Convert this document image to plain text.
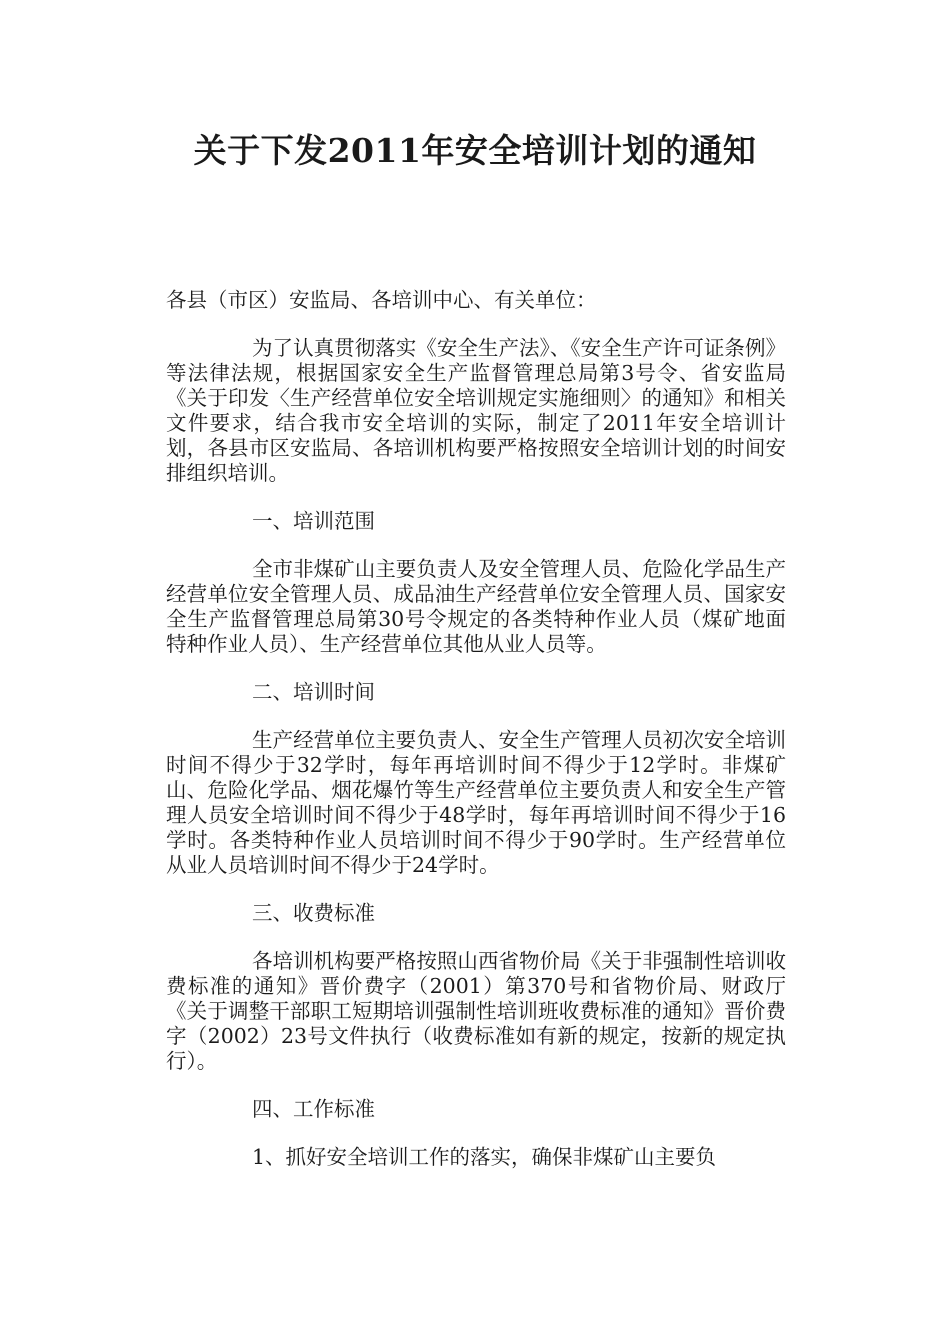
关于下发2011年安全培训计划的通知

各县（市区）安监局、各培训中心、有关单位：

为了认真贯彻落实《安全生产法》、《安全生产许可证条例》等法律法规，根据国家安全生产监督管理总局第3号令、省安监局《关于印发〈生产经营单位安全培训规定实施细则〉的通知》和相关文件要求，结合我市安全培训的实际，制定了2011年安全培训计划，各县市区安监局、各培训机构要严格按照安全培训计划的时间安排组织培训。

一、培训范围

全市非煤矿山主要负责人及安全管理人员、危险化学品生产经营单位安全管理人员、成品油生产经营单位安全管理人员、国家安全生产监督管理总局第30号令规定的各类特种作业人员（煤矿地面特种作业人员）、生产经营单位其他从业人员等。

二、培训时间

生产经营单位主要负责人、安全生产管理人员初次安全培训时间不得少于32学时，每年再培训时间不得少于12学时。非煤矿山、危险化学品、烟花爆竹等生产经营单位主要负责人和安全生产管理人员安全培训时间不得少于48学时，每年再培训时间不得少于16学时。各类特种作业人员培训时间不得少于90学时。生产经营单位从业人员培训时间不得少于24学时。

三、收费标准

各培训机构要严格按照山西省物价局《关于非强制性培训收费标准的通知》晋价费字（2001）第370号和省物价局、财政厅《关于调整干部职工短期培训强制性培训班收费标准的通知》晋价费字（2002）23号文件执行（收费标准如有新的规定，按新的规定执行）。

四、工作标准

1、抓好安全培训工作的落实，确保非煤矿山主要负
